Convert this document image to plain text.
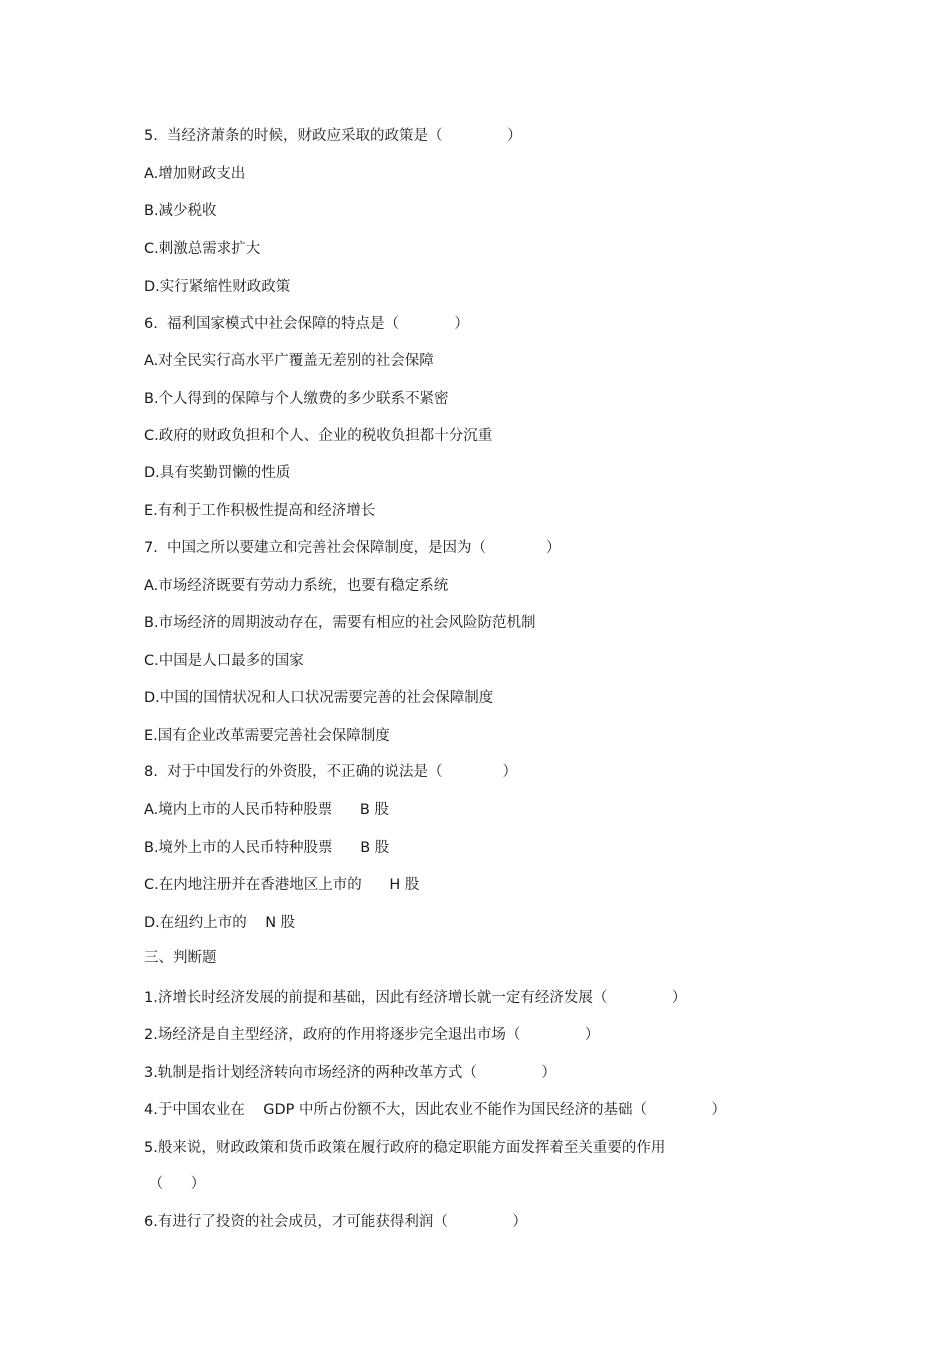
5.  当经济萧条的时候，财政应采取的政策是（              ）
A.增加财政支出
B.减少税收
C.刺激总需求扩大
D.实行紧缩性财政政策
6.  福利国家模式中社会保障的特点是（            ）
A.对全民实行高水平广覆盖无差别的社会保障
B.个人得到的保障与个人缴费的多少联系不紧密
C.政府的财政负担和个人、企业的税收负担都十分沉重
D.具有奖勤罚懒的性质
E.有利于工作积极性提高和经济增长
7.  中国之所以要建立和完善社会保障制度，是因为（             ）
A.市场经济既要有劳动力系统，也要有稳定系统
B.市场经济的周期波动存在，需要有相应的社会风险防范机制
C.中国是人口最多的国家
D.中国的国情状况和人口状况需要完善的社会保障制度
E.国有企业改革需要完善社会保障制度
8.  对于中国发行的外资股，不正确的说法是（             ）
A.境内上市的人民币特种股票      B 股
B.境外上市的人民币特种股票      B 股
C.在内地注册并在香港地区上市的      H 股
D.在纽约上市的    N 股
三、判断题
1.济增长时经济发展的前提和基础，因此有经济增长就一定有经济发展（              ）
2.场经济是自主型经济，政府的作用将逐步完全退出市场（              ）
3.轨制是指计划经济转向市场经济的两种改革方式（              ）
4.于中国农业在    GDP 中所占份额不大，因此农业不能作为国民经济的基础（              ）
5.般来说，财政政策和货币政策在履行政府的稳定职能方面发挥着至关重要的作用
（      ）
6.有进行了投资的社会成员，才可能获得利润（              ）
